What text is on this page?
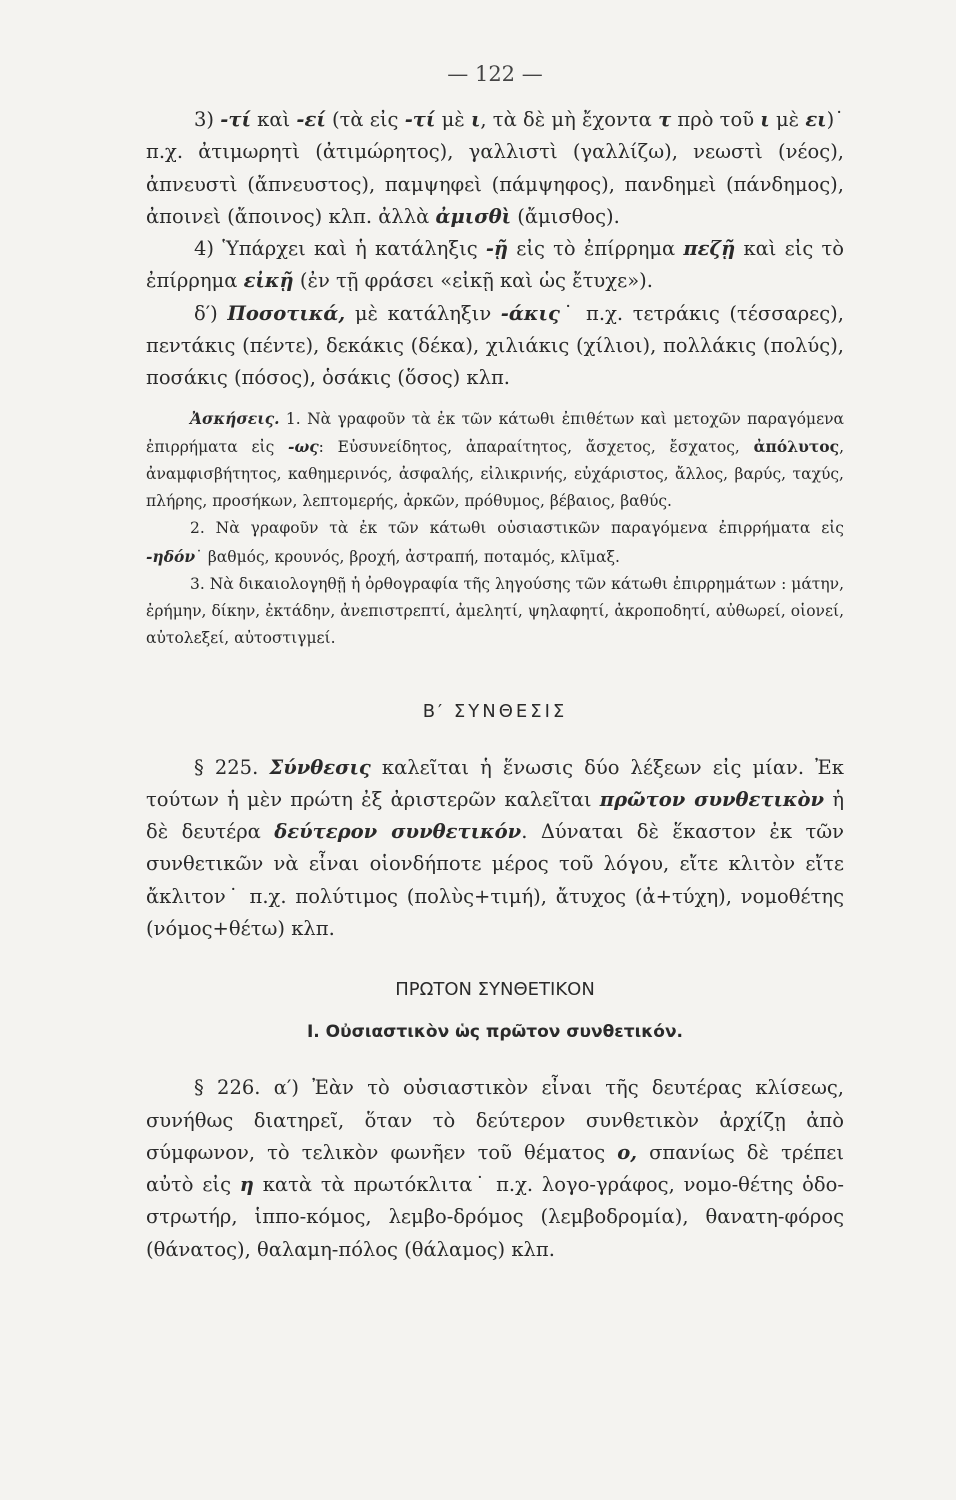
— 122 —

3) -τί καὶ -εί (τὰ εἰς -τί μὲ ι, τὰ δὲ μὴ ἔχοντα τ πρὸ τοῦ ι μὲ ει)˙ π.χ. ἀτιμωρητὶ (ἀτιμώρητος), γαλλιστὶ (γαλλίζω), νεωστὶ (νέος), ἀπνευστὶ (ἄπνευστος), παμψηφεὶ (πάμψηφος), πανδημεὶ (πάνδημος), ἀποινεὶ (ἄποινος) κλπ. ἀλλὰ ἀμισθὶ (ἄμισθος).

4) Ὑπάρχει καὶ ἡ κατάληξις -ῇ εἰς τὸ ἐπίρρημα πεζῇ καὶ εἰς τὸ ἐπίρρημα εἰκῇ (ἐν τῇ φράσει «εἰκῇ καὶ ὡς ἔτυχε»).

δ′) Ποσοτικά, μὲ κατάληξιν -άκις˙ π.χ. τετράκις (τέσσαρες), πεντάκις (πέντε), δεκάκις (δέκα), χιλιάκις (χίλιοι), πολλάκις (πολύς), ποσάκις (πόσος), ὁσάκις (ὅσος) κλπ.

Ἀσκήσεις. 1. Νὰ γραφοῦν τὰ ἐκ τῶν κάτωθι ἐπιθέτων καὶ μετοχῶν παραγόμενα ἐπιρρήματα εἰς -ως: Εὐσυνείδητος, ἀπαραίτητος, ἄσχετος, ἔσχατος, ἀπόλυτος, ἀναμφισβήτητος, καθημερινός, ἀσφαλής, εἰλικρινής, εὐχάριστος, ἄλλος, βαρύς, ταχύς, πλήρης, προσήκων, λεπτομερής, ἀρκῶν, πρόθυμος, βέβαιος, βαθύς.

2. Νὰ γραφοῦν τὰ ἐκ τῶν κάτωθι οὐσιαστικῶν παραγόμενα ἐπιρρήματα εἰς -ηδόν˙ βαθμός, κρουνός, βροχή, ἀστραπή, ποταμός, κλῖμαξ.

3. Νὰ δικαιολογηθῇ ἡ ὀρθογραφία τῆς ληγούσης τῶν κάτωθι ἐπιρρημάτων : μάτην, ἐρήμην, δίκην, ἐκτάδην, ἀνεπιστρεπτί, ἀμελητί, ψηλαφητί, ἀκροποδητί, αὐθωρεί, οἱονεί, αὐτολεξεί, αὐτοστιγμεί.

Β′ ΣΥΝΘΕΣΙΣ

§ 225. Σύνθεσις καλεῖται ἡ ἕνωσις δύο λέξεων εἰς μίαν. Ἐκ τούτων ἡ μὲν πρώτη ἐξ ἀριστερῶν καλεῖται πρῶτον συνθετικὸν ἡ δὲ δευτέρα δεύτερον συνθετικόν. Δύναται δὲ ἕκαστον ἐκ τῶν συνθετικῶν νὰ εἶναι οἱονδήποτε μέρος τοῦ λόγου, εἴτε κλιτὸν εἴτε ἄκλιτον˙ π.χ. πολύτιμος (πολὺς+τιμή), ἄτυχος (ἀ+τύχη), νομοθέτης (νόμος+θέτω) κλπ.

ΠΡΩΤΟΝ ΣΥΝΘΕΤΙΚΟΝ
Ι. Οὐσιαστικὸν ὡς πρῶτον συνθετικόν.

§ 226. α′) Ἐὰν τὸ οὐσιαστικὸν εἶναι τῆς δευτέρας κλίσεως, συνήθως διατηρεῖ, ὅταν τὸ δεύτερον συνθετικὸν ἀρχίζῃ ἀπὸ σύμφωνον, τὸ τελικὸν φωνῆεν τοῦ θέματος ο, σπανίως δὲ τρέπει αὐτὸ εἰς η κατὰ τὰ πρωτόκλιτα˙ π.χ. λογο-γράφος, νομο-θέτης ὁδο-στρωτήρ, ἱππο-κόμος, λεμβο-δρόμος (λεμβοδρομία), θανατη-φόρος (θάνατος), θαλαμη-πόλος (θάλαμος) κλπ.
